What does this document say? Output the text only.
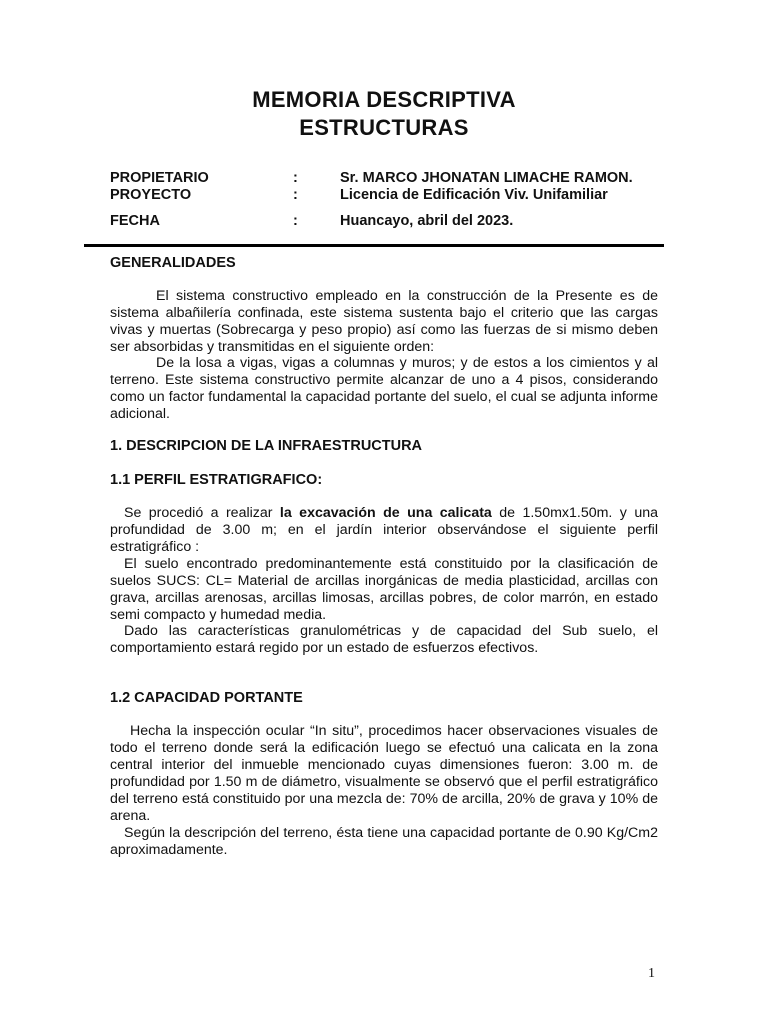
MEMORIA DESCRIPTIVA
ESTRUCTURAS
PROPIETARIO	:	Sr. MARCO JHONATAN LIMACHE RAMON.
PROYECTO	:	Licencia de Edificación Viv. Unifamiliar
FECHA	:	Huancayo, abril del 2023.
GENERALIDADES

El sistema constructivo empleado en la construcción de la Presente es de sistema albañilería confinada, este sistema sustenta bajo el criterio que las cargas vivas y muertas (Sobrecarga y peso propio) así como las fuerzas de si mismo deben ser absorbidas y transmitidas en el siguiente orden:

De la losa a vigas, vigas a columnas y muros; y de estos a los cimientos y al terreno. Este sistema constructivo permite alcanzar de uno a 4 pisos, considerando como un factor fundamental la capacidad portante del suelo, el cual se adjunta informe adicional.

1. DESCRIPCION DE LA INFRAESTRUCTURA
1.1 PERFIL ESTRATIGRAFICO:

Se procedió a realizar la excavación de una calicata de 1.50mx1.50m. y una profundidad de 3.00 m; en el jardín interior observándose el siguiente perfil estratigráfico :

El suelo encontrado predominantemente está constituido por la clasificación de suelos SUCS: CL= Material de arcillas inorgánicas de media plasticidad, arcillas con grava, arcillas arenosas, arcillas limosas, arcillas pobres, de color marrón, en estado semi compacto y humedad media.

Dado las características granulométricas y de capacidad del Sub suelo, el comportamiento estará regido por un estado de esfuerzos efectivos.

1.2 CAPACIDAD PORTANTE

Hecha la inspección ocular “In situ”, procedimos hacer observaciones visuales de todo el terreno donde será la edificación luego se efectuó una calicata en la zona central interior del inmueble mencionado cuyas dimensiones fueron: 3.00 m. de profundidad por 1.50 m de diámetro, visualmente se observó que el perfil estratigráfico del terreno está constituido por una mezcla de: 70% de arcilla, 20% de grava y 10% de arena.

Según la descripción del terreno, ésta tiene una capacidad portante de 0.90 Kg/Cm2 aproximadamente.

1
